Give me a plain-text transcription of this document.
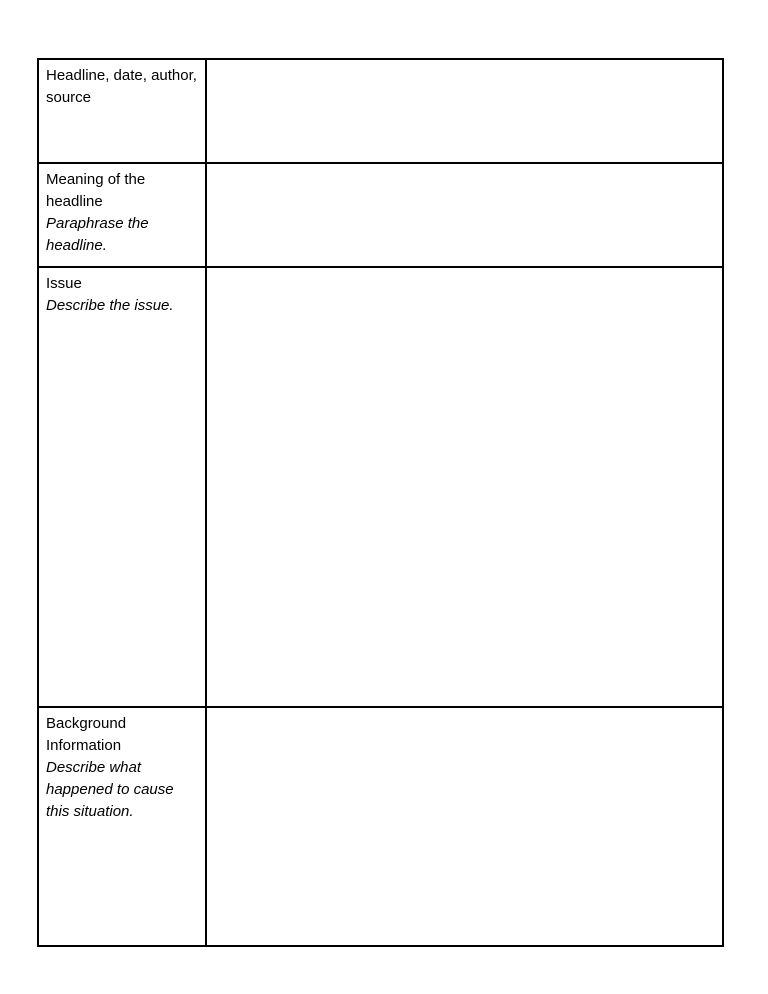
Headline, date, author, source	

Meaning of the headline
Paraphrase the headline.	

Issue
Describe the issue.	

Background Information
Describe what happened to cause this situation.	
